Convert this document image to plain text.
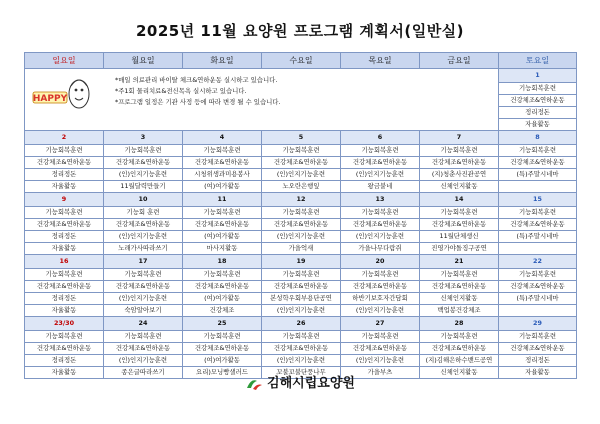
2025년 11월 요양원 프로그램 계획서(일반실)
일요일	월요일	화요일	수요일	목요일	금요일	토요일

HAPPY
*매일 의료관리 바이탈 체크&연하운동 실시하고 있습니다.
*주1회 물리치료&전신목욕 실시하고 있습니다.
*프로그램 일정은 기관 사정 등에 따라 변경 될 수 있습니다.						1
						기능회복훈련
						건강체조&연하운동
						정리정돈
						자율활동
2	3	4	5	6	7	8
기능회복훈련	기능회복훈련	기능회복훈련	기능회복훈련	기능회복훈련	기능회복훈련	기능회복훈련
건강체조&연하운동	건강체조&연하운동	건강체조&연하운동	건강체조&연하운동	건강체조&연하운동	건강체조&연하운동	건강체조&연하운동
정리정돈	(인)인지기능훈련	시청위생과미용봉사	(인)인지기능훈련	(인)인지기능훈련	(지)청춘사진관공연	(특)주말시네마
자율활동	11월달력만들기	(여)여가활동	노오란은행잎	왕금붙네	신체인지활동	
9	10	11	12	13	14	15
기능회복훈련	기능회 훈련	기능회복훈련	기능회복훈련	기능회복훈련	기능회복훈련	기능회복훈련
건강체조&연하운동	건강체조&연하운동	건강체조&연하운동	건강체조&연하운동	건강체조&연하운동	건강체조&연하운동	건강체조&연하운동
정리정돈	(인)인지기능훈련	(여)여가활동	(인)인지기능훈련	(인)인지기능훈련	11월단체생신	(특)주말시네마
자율활동	노래가사따라쓰기	마사지활동	가을억새	가을나무다람쥐	진영가야돌징구공연	
16	17	18	19	20	21	22
기능회복훈련	기능회복훈련	기능회복훈련	기능회복훈련	기능회복훈련	기능회복훈련	기능회복훈련
건강체조&연하운동	건강체조&연하운동	건강체조&연하운동	건강체조&연하운동	건강체조&연하운동	건강체조&연하운동	건강체조&연하운동
정리정돈	(인)인지기능훈련	(여)여가활동	본성학우회부용단공연	하반기보호자간담회	신체인지활동	(특)주말시네마
자율활동	숙암알아보기	건강체조	(인)인지기능훈련	(인)인지기능훈련	백업봉건강체조	
23/30	24	25	26	27	28	29
기능회복훈련	기능회복훈련	기능회복훈련	기능회복훈련	기능회복훈련	기능회복훈련	기능회복훈련
건강체조&연하운동	건강체조&연하운동	건강체조&연하운동	건강체조&연하운동	건강체조&연하운동	건강체조&연하운동	건강체조&연하운동
정리정돈	(인)인지기능훈련	(여)여가활동	(인)인지기능훈련	(인)인지기능훈련	(지)김해은하수밴드공연	정리정돈
자율활동	종은글따라쓰기	요리)모닝빵샐러드	꼬불꼬불단풍나무	가을부츠	신체인지활동	자율활동
김해시립요양원
